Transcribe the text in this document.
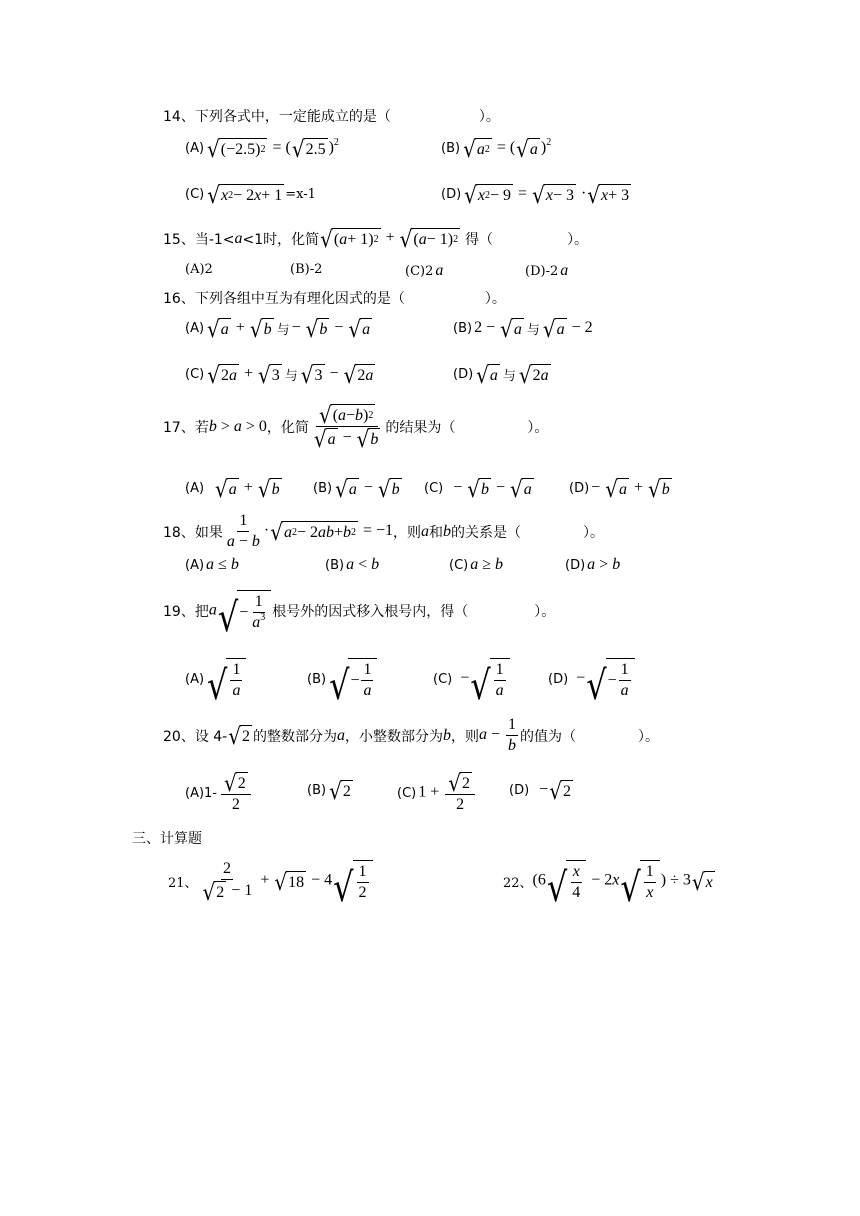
14、下列各式中，一定能成立的是（	）。
(A) √ (−2.5) 2 = ( √ 2.5 )$^2$	(B) √ a 2 = ( √ a )$^2$
(C) √ x 2 − 2 x + 1 =x-1	(D) √ x 2 − 9 = √ x − 3 · √ x + 3
15、当-1< a <1时，化简 √ ( a + 1) 2 + √ ( a − 1) 2 得（	）。
(A)2	(B)-2	(C)2 a	(D)-2 a
16、下列各组中互为有理化因式的是（	）。
(A) √ a + √ b 与 − √ b − √ a	(B) 2 − √ a 与 √ a − 2
(C) √ 2 a + √ 3 与 √ 3 − √ 2 a	(D) √ a 与 √ 2 a
17、若 b > a > 0 ，化简 $\frac{√ ( a - b ) 2}{√ a - √ b}$ 的结果为（	）。
(A) √ a + √ b	(B) √ a − √ b (C) − √ b − √ a	(D) − √ a + √ b
18、如果 $\frac{1}{a - b}$ · √ a 2 − 2 ab + b 2 = −1 ，则 a 和 b 的关系是（	）。
(A) a ≤ b	(B) a < b	(C) a ≥ b	(D) a > b
19、把 a √ − $\frac{1}{a^3}$ 根号外的因式移入根号内，得（	）。
(A) √ $\frac{1}{a}$	(B) √ − $\frac{1}{a}$	(C) − √ $\frac{1}{a}$	(D) − √ − $\frac{1}{a}$
20、设 4- √ 2 的整数部分为 a ，小整数部分为 b ，则 $a - \frac{1}{b}$ 的值为（	）。
$(A)1- \frac{√ 2}{2}$	(B) √ 2	(C) $1 + \frac{√ 2}{2}$	(D) − √ 2
三、计算题
21、 $\frac{2}{√ 2 - 1}$ + √ 18 − 4 √ $\frac{1}{2}$	22、 (6 √ $\frac{x}{4} - 2x$ √ $\frac{1}{x}$ ) ÷ 3 √ x
